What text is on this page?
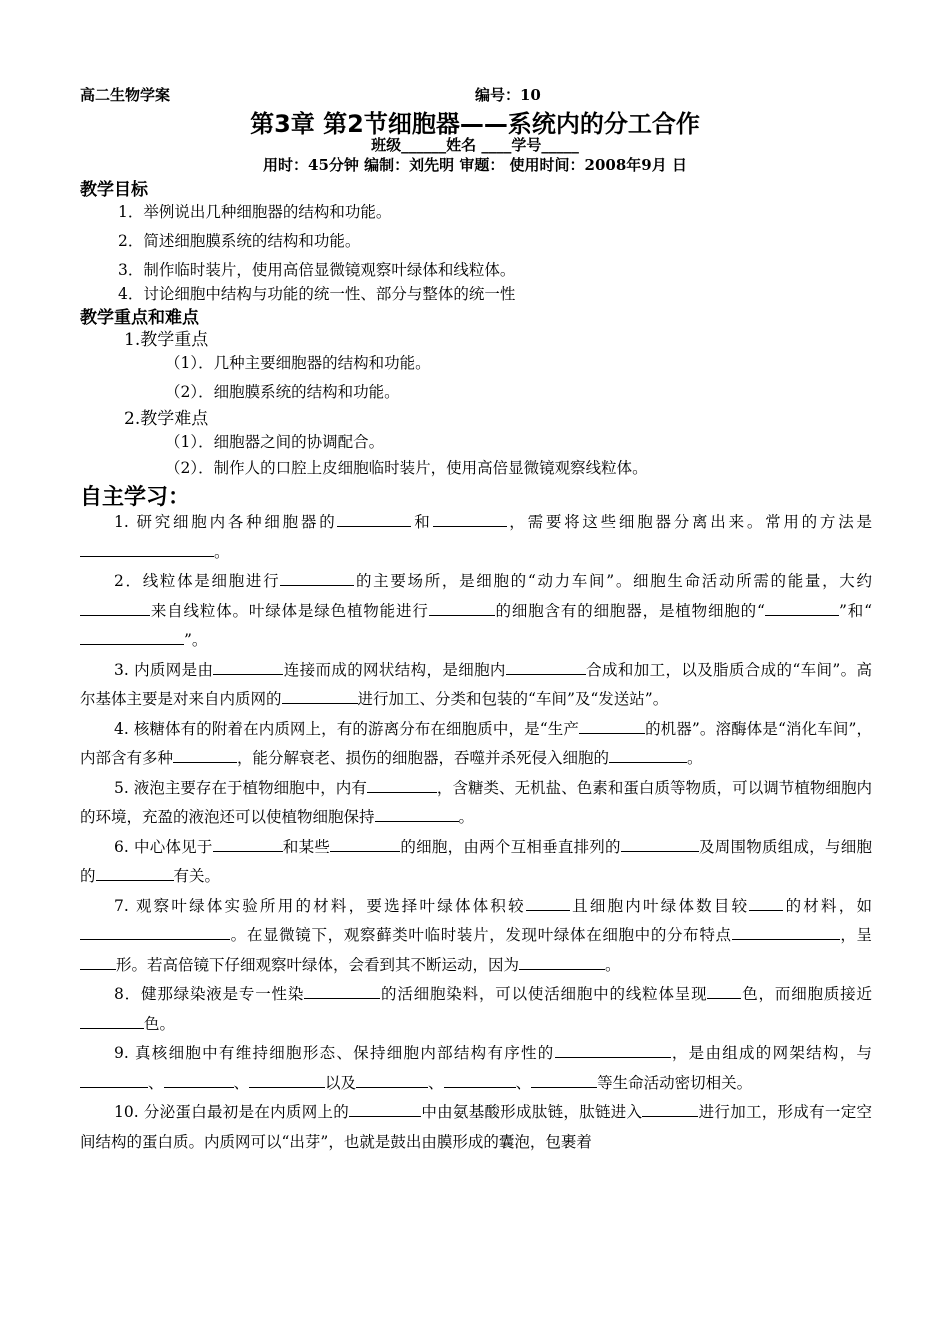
高二生物学案	编号：10
第3章 第2节细胞器——系统内的分工合作
班级______姓名 ____学号_____
用时：45分钟 编制：刘先明 审题： 使用时间：2008年9月 日
教学目标
1．举例说出几种细胞器的结构和功能。
2．简述细胞膜系统的结构和功能。
3．制作临时装片，使用高倍显微镜观察叶绿体和线粒体。
4．讨论细胞中结构与功能的统一性、部分与整体的统一性
教学重点和难点
1.教学重点
（1）．几种主要细胞器的结构和功能。
（2）．细胞膜系统的结构和功能。
2.教学难点
（1）．细胞器之间的协调配合。
（2）．制作人的口腔上皮细胞临时装片，使用高倍显微镜观察线粒体。
自主学习：

1. 研究细胞内各种细胞器的	和	，需要将这些细胞器分离出来。常用的方法是。

2．线粒体是细胞进行	的主要场所，是细胞的“动力车间”。细胞生命活动所需的能量，大约来自线粒体。叶绿体是绿色植物能进行	的细胞含有的细胞器，是植物细胞的“	”和“”。

3. 内质网是由	连接而成的网状结构，是细胞内	合成和加工，以及脂质合成的“车间”。高尔基体主要是对来自内质网的	进行加工、分类和包装的“车间”及“发送站”。

4. 核糖体有的附着在内质网上，有的游离分布在细胞质中，是“生产	的机器”。溶酶体是“消化车间”，内部含有多种	，能分解衰老、损伤的细胞器，吞噬并杀死侵入细胞的	。

5. 液泡主要存在于植物细胞中，内有	，含糖类、无机盐、色素和蛋白质等物质，可以调节植物细胞内的环境，充盈的液泡还可以使植物细胞保持	。

6. 中心体见于	和某些	的细胞，由两个互相垂直排列的	及周围物质组成，与细胞的	有关。

7. 观察叶绿体实验所用的材料，要选择叶绿体体积较	且细胞内叶绿体数目较 的材料，如。在显微镜下，观察藓类叶临时装片，发现叶绿体在细胞中的分布特点	，呈形。若高倍镜下仔细观察叶绿体，会看到其不断运动，因为	。

8．健那绿染液是专一性染	的活细胞染料，可以使活细胞中的线粒体呈现 色，而细胞质接近色。

9. 真核细胞中有维持细胞形态、保持细胞内部结构有序性的	，是由组成的网架结构，与、	、	以及	、	、	等生命活动密切相关。

10. 分泌蛋白最初是在内质网上的	中由氨基酸形成肽链，肽链进入	进行加工，形成有一定空间结构的蛋白质。内质网可以“出芽”，也就是鼓出由膜形成的囊泡，包裹着
